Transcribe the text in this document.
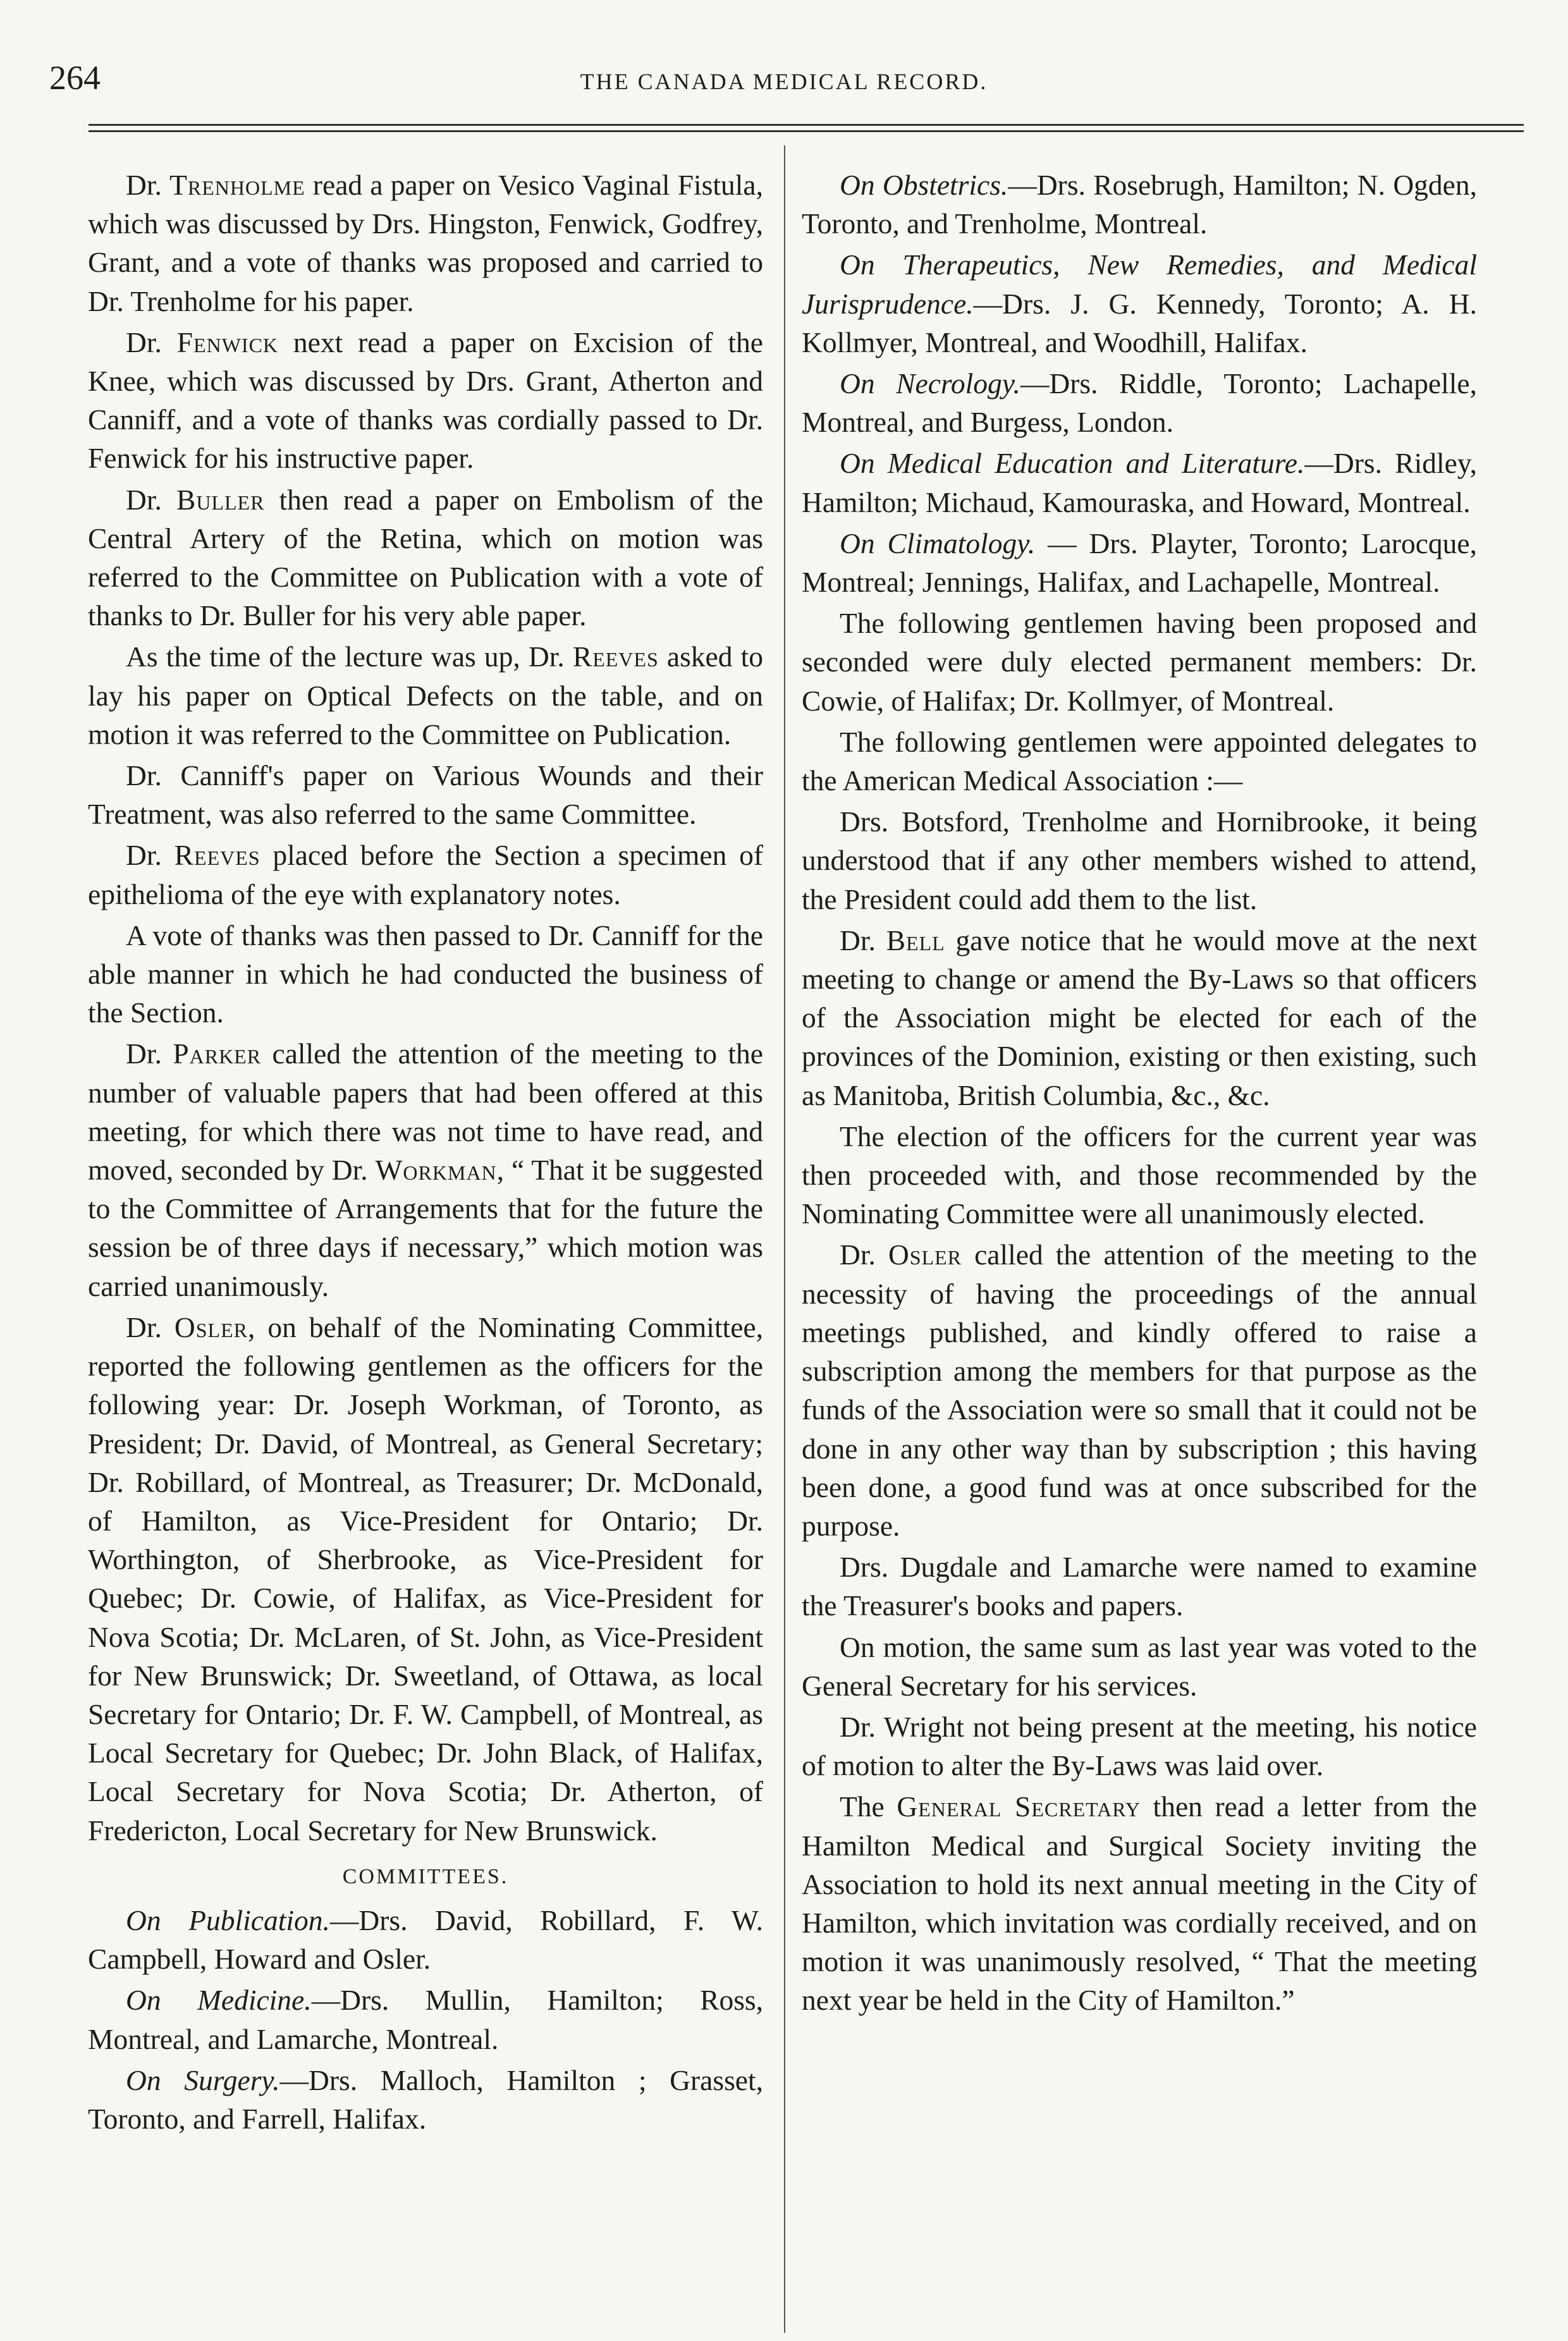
264	THE CANADA MEDICAL RECORD.

Dr. Trenholme read a paper on Vesico Vaginal Fistula, which was discussed by Drs. Hingston, Fenwick, Godfrey, Grant, and a vote of thanks was proposed and carried to Dr. Trenholme for his paper.

Dr. Fenwick next read a paper on Excision of the Knee, which was discussed by Drs. Grant, Atherton and Canniff, and a vote of thanks was cordially passed to Dr. Fenwick for his instructive paper.

Dr. Buller then read a paper on Embolism of the Central Artery of the Retina, which on motion was referred to the Committee on Publication with a vote of thanks to Dr. Buller for his very able paper.

As the time of the lecture was up, Dr. Reeves asked to lay his paper on Optical Defects on the table, and on motion it was referred to the Committee on Publication.

Dr. Canniff's paper on Various Wounds and their Treatment, was also referred to the same Committee.

Dr. Reeves placed before the Section a specimen of epithelioma of the eye with explanatory notes.

A vote of thanks was then passed to Dr. Canniff for the able manner in which he had conducted the business of the Section.

Dr. Parker called the attention of the meeting to the number of valuable papers that had been offered at this meeting, for which there was not time to have read, and moved, seconded by Dr. Workman, “ That it be suggested to the Committee of Arrangements that for the future the session be of three days if necessary,” which motion was carried unanimously.

Dr. Osler, on behalf of the Nominating Committee, reported the following gentlemen as the officers for the following year: Dr. Joseph Workman, of Toronto, as President; Dr. David, of Montreal, as General Secretary; Dr. Robillard, of Montreal, as Treasurer; Dr. McDonald, of Hamilton, as Vice-President for Ontario; Dr. Worthington, of Sherbrooke, as Vice-President for Quebec; Dr. Cowie, of Halifax, as Vice-President for Nova Scotia; Dr. McLaren, of St. John, as Vice-President for New Brunswick; Dr. Sweetland, of Ottawa, as local Secretary for Ontario; Dr. F. W. Campbell, of Montreal, as Local Secretary for Quebec; Dr. John Black, of Halifax, Local Secretary for Nova Scotia; Dr. Atherton, of Fredericton, Local Secretary for New Brunswick.

COMMITTEES.

On Publication.—Drs. David, Robillard, F. W. Campbell, Howard and Osler.

On Medicine.—Drs. Mullin, Hamilton; Ross, Montreal, and Lamarche, Montreal.

On Surgery.—Drs. Malloch, Hamilton ; Grasset, Toronto, and Farrell, Halifax.

On Obstetrics.—Drs. Rosebrugh, Hamilton; N. Ogden, Toronto, and Trenholme, Montreal.

On Therapeutics, New Remedies, and Medical Jurisprudence.—Drs. J. G. Kennedy, Toronto; A. H. Kollmyer, Montreal, and Woodhill, Halifax.

On Necrology.—Drs. Riddle, Toronto; Lachapelle, Montreal, and Burgess, London.

On Medical Education and Literature.—Drs. Ridley, Hamilton; Michaud, Kamouraska, and Howard, Montreal.

On Climatology. — Drs. Playter, Toronto; Larocque, Montreal; Jennings, Halifax, and Lachapelle, Montreal.

The following gentlemen having been proposed and seconded were duly elected permanent members: Dr. Cowie, of Halifax; Dr. Kollmyer, of Montreal.

The following gentlemen were appointed delegates to the American Medical Association :—

Drs. Botsford, Trenholme and Hornibrooke, it being understood that if any other members wished to attend, the President could add them to the list.

Dr. Bell gave notice that he would move at the next meeting to change or amend the By-Laws so that officers of the Association might be elected for each of the provinces of the Dominion, existing or then existing, such as Manitoba, British Columbia, &c., &c.

The election of the officers for the current year was then proceeded with, and those recommended by the Nominating Committee were all unanimously elected.

Dr. Osler called the attention of the meeting to the necessity of having the proceedings of the annual meetings published, and kindly offered to raise a subscription among the members for that purpose as the funds of the Association were so small that it could not be done in any other way than by subscription ; this having been done, a good fund was at once subscribed for the purpose.

Drs. Dugdale and Lamarche were named to examine the Treasurer's books and papers.

On motion, the same sum as last year was voted to the General Secretary for his services.

Dr. Wright not being present at the meeting, his notice of motion to alter the By-Laws was laid over.

The General Secretary then read a letter from the Hamilton Medical and Surgical Society inviting the Association to hold its next annual meeting in the City of Hamilton, which invitation was cordially received, and on motion it was unanimously resolved, “ That the meeting next year be held in the City of Hamilton.”
